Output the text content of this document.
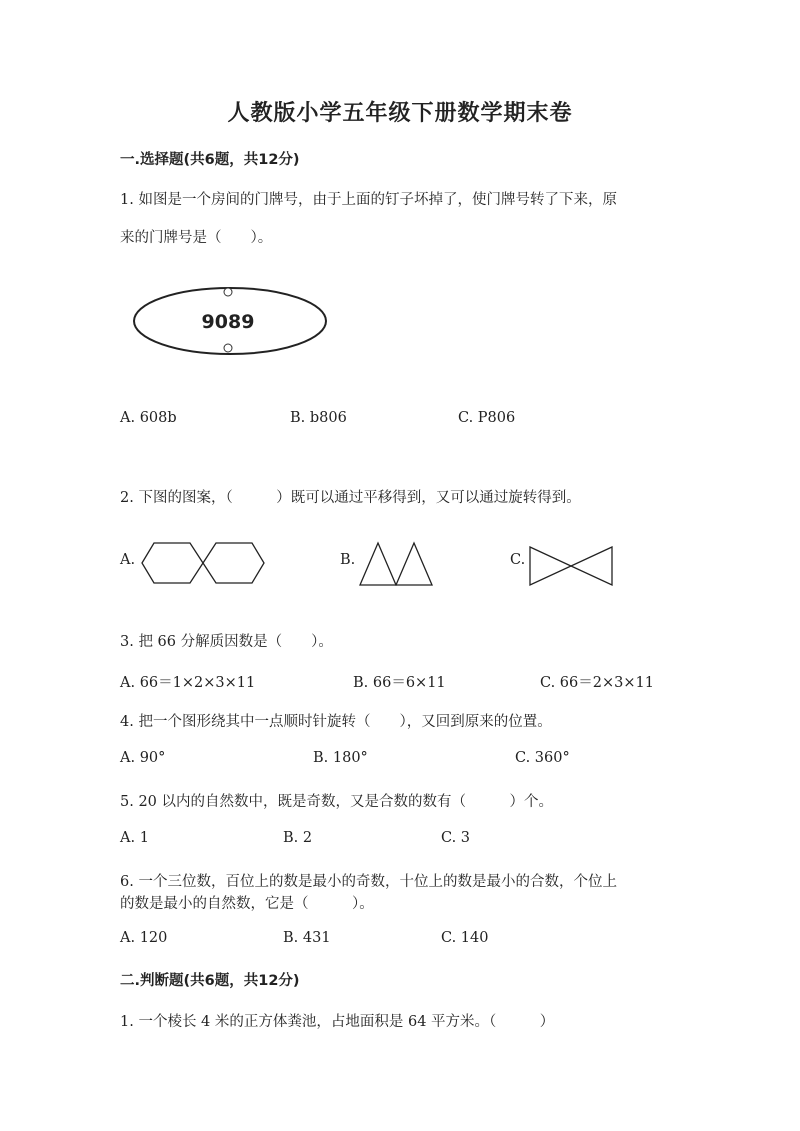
人教版小学五年级下册数学期末卷
一.选择题(共6题，共12分)
1. 如图是一个房间的门牌号，由于上面的钉子坏掉了，使门牌号转了下来，原
来的门牌号是（　　）。
9089
A. 608b	B. b806	C. P806
2. 下图的图案，（　　　）既可以通过平移得到，又可以通过旋转得到。
A.	B.	C.
3. 把 66 分解质因数是（　　）。
A. 66＝1×2×3×11	B. 66＝6×11	C. 66＝2×3×11
4. 把一个图形绕其中一点顺时针旋转（　　），又回到原来的位置。
A. 90°	B. 180°	C. 360°
5. 20 以内的自然数中，既是奇数，又是合数的数有（　　　）个。
A. 1	B. 2	C. 3
6. 一个三位数，百位上的数是最小的奇数，十位上的数是最小的合数，个位上
的数是最小的自然数，它是（　　　）。
A. 120	B. 431	C. 140
二.判断题(共6题，共12分)
1. 一个棱长 4 米的正方体粪池，占地面积是 64 平方米。（　　　）
